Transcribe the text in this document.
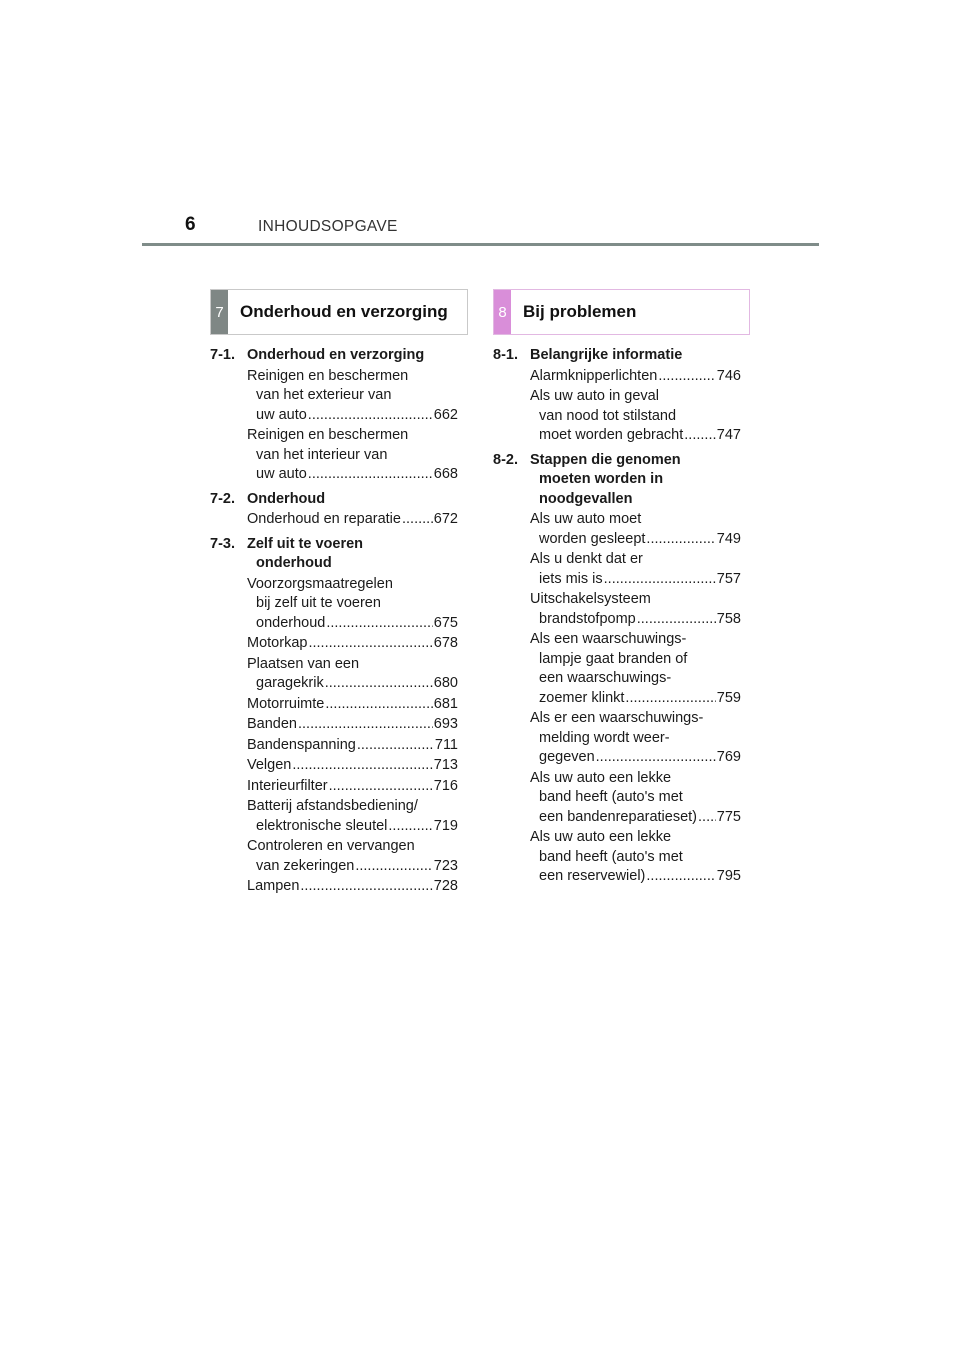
6	INHOUDSOPGAVE
7 Onderhoud en verzorging	8 Bij problemen
7-1. Onderhoud en verzorging
Reinigen en beschermen
van het exterieur van
uw auto .....	662
Reinigen en beschermen
van het interieur van
uw auto .....	668
7-2. Onderhoud
Onderhoud en reparatie ..... 672
7-3. Zelf uit te voeren
onderhoud
Voorzorgsmaatregelen
bij zelf uit te voeren
onderhoud .....	675
Motorkap .....	678
Plaatsen van een
garagekrik .....	680
Motorruimte .....	681
Banden .....	693
Bandenspanning .....	711
Velgen .....	713
Interieurfilter .....	716
Batterij afstandsbediening/
elektronische sleutel .....	719
Controleren en vervangen
van zekeringen .....	723
Lampen .....	728
8-1. Belangrijke informatie
Alarmknipperlichten .....	746
Als uw auto in geval
van nood tot stilstand
moet worden gebracht ..... 747
8-2. Stappen die genomen
moeten worden in
noodgevallen
Als uw auto moet
worden gesleept .....	749
Als u denkt dat er
iets mis is .....	757
Uitschakelsysteem
brandstofpomp .....	758
Als een waarschuwings-
lampje gaat branden of
een waarschuwings-
zoemer klinkt .....	759
Als er een waarschuwings-
melding wordt weer-
gegeven .....	769
Als uw auto een lekke
band heeft (auto's met
een bandenreparatieset) ..... 775
Als uw auto een lekke
band heeft (auto's met
een reservewiel) .....	795
